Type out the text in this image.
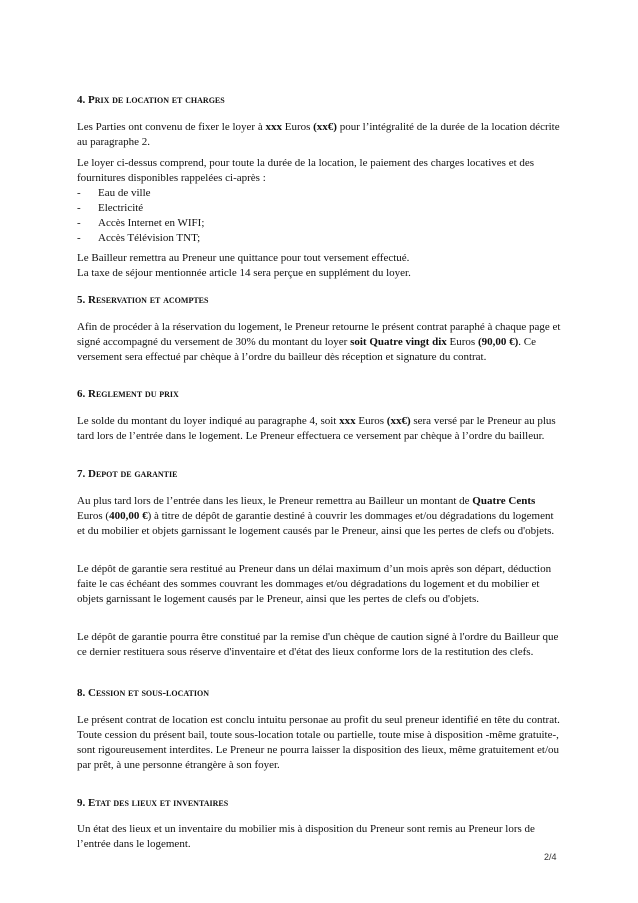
4. Prix de location et charges

Les Parties ont convenu de fixer le loyer à xxx Euros (xx€) pour l’intégralité de la durée de la location décrite au paragraphe 2.

Le loyer ci-dessus comprend, pour toute la durée de la location, le paiement des charges locatives et des fournitures disponibles rappelées ci-après :

- Eau de ville
- Electricité
- Accès Internet en WIFI;
- Accès Télévision TNT;

Le Bailleur remettra au Preneur une quittance pour tout versement effectué.

La taxe de séjour mentionnée article 14 sera perçue en supplément du loyer.

5. Reservation et acomptes

Afin de procéder à la réservation du logement, le Preneur retourne le présent contrat paraphé à chaque page et signé accompagné du versement de 30% du montant du loyer soit Quatre vingt dix Euros (90,00 €). Ce versement sera effectué par chèque à l’ordre du bailleur dès réception et signature du contrat.

6. Reglement du prix

Le solde du montant du loyer indiqué au paragraphe 4, soit xxx Euros (xx€) sera versé par le Preneur au plus tard lors de l’entrée dans le logement. Le Preneur effectuera ce versement par chèque à l’ordre du bailleur.

7. Depot de garantie

Au plus tard lors de l’entrée dans les lieux, le Preneur remettra au Bailleur un montant de Quatre Cents Euros (400,00 €) à titre de dépôt de garantie destiné à couvrir les dommages et/ou dégradations du logement et du mobilier et objets garnissant le logement causés par le Preneur, ainsi que les pertes de clefs ou d'objets.

Le dépôt de garantie sera restitué au Preneur dans un délai maximum d’un mois après son départ, déduction faite le cas échéant des sommes couvrant les dommages et/ou dégradations du logement et du mobilier et objets garnissant le logement causés par le Preneur, ainsi que les pertes de clefs ou d'objets.

Le dépôt de garantie pourra être constitué par la remise d'un chèque de caution signé à l'ordre du Bailleur que ce dernier restituera sous réserve d'inventaire et d'état des lieux conforme lors de la restitution des clefs.

8. Cession et sous-location

Le présent contrat de location est conclu intuitu personae au profit du seul preneur identifié en tête du contrat.

Toute cession du présent bail, toute sous-location totale ou partielle, toute mise à disposition -même gratuite-, sont rigoureusement interdites. Le Preneur ne pourra laisser la disposition des lieux, même gratuitement et/ou par prêt, à une personne étrangère à son foyer.

9. Etat des lieux et inventaires

Un état des lieux et un inventaire du mobilier mis à disposition du Preneur sont remis au Preneur lors de l’entrée dans le logement.

2/4
